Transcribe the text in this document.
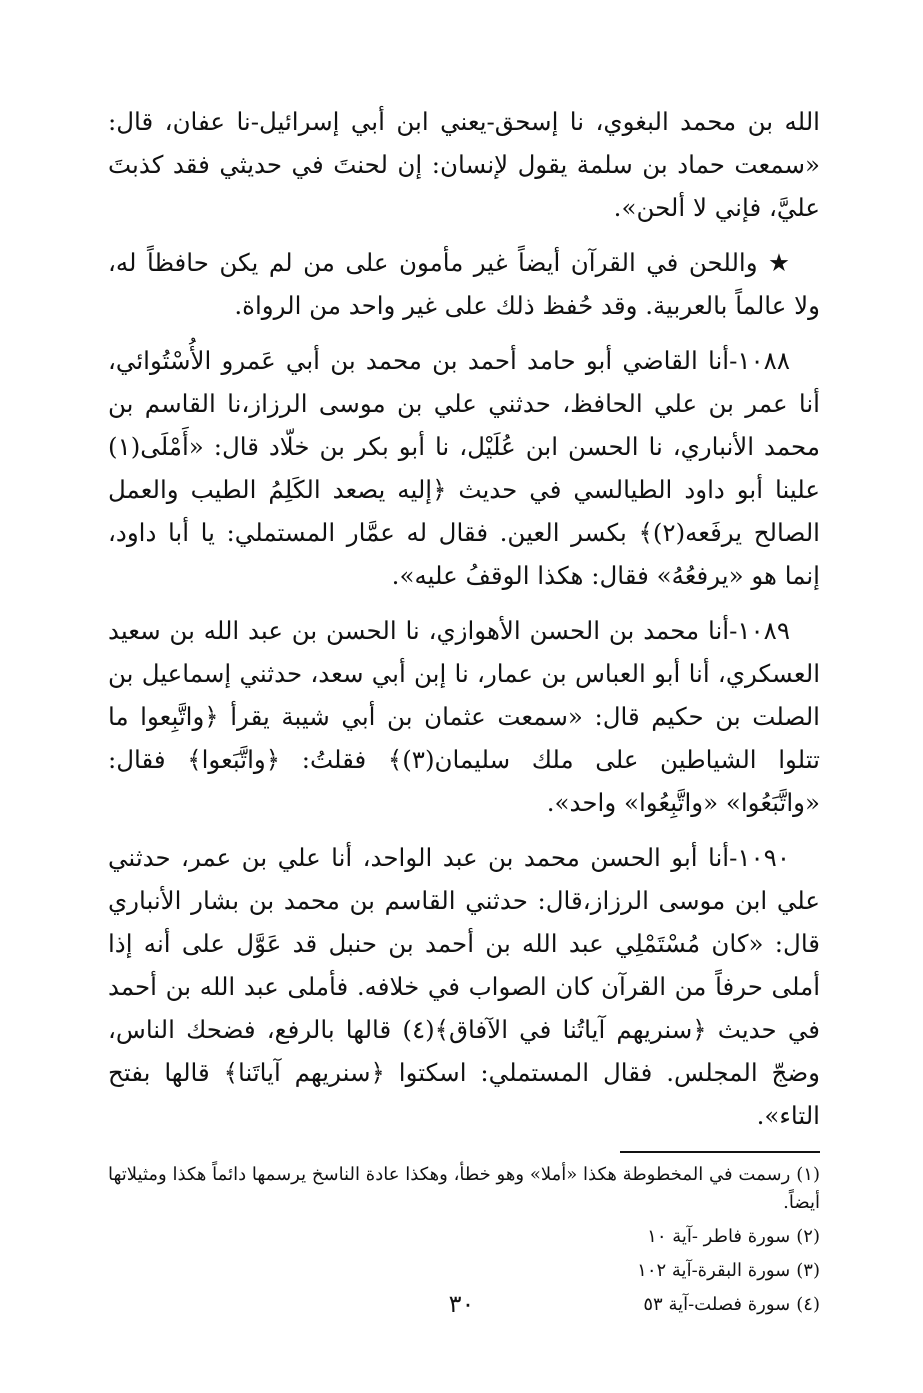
الله بن محمد البغوي، نا إسحق-يعني ابن أبي إسرائيل-نا عفان، قال: «سمعت حماد بن سلمة يقول لإنسان: إن لحنتَ في حديثي فقد كذبتَ عليَّ، فإني لا ألحن».

★ واللحن في القرآن أيضاً غير مأمون على من لم يكن حافظاً له، ولا عالماً بالعربية. وقد حُفظ ذلك على غير واحد من الرواة.

١٠٨٨-أنا القاضي أبو حامد أحمد بن محمد بن أبي عَمرو الأُسْتُوائي، أنا عمر بن علي الحافظ، حدثني علي بن موسى الرزاز،نا القاسم بن محمد الأنباري، نا الحسن ابن عُلَيْل، نا أبو بكر بن خلّاد قال: «أَمْلَى(١) علينا أبو داود الطيالسي في حديث ﴿إليه يصعد الكَلِمُ الطيب والعمل الصالح يرفَعه(٢)﴾ بكسر العين. فقال له عمَّار المستملي: يا أبا داود، إنما هو «يرفعُهُ» فقال: هكذا الوقفُ عليه».

١٠٨٩-أنا محمد بن الحسن الأهوازي، نا الحسن بن عبد الله بن سعيد العسكري، أنا أبو العباس بن عمار، نا إبن أبي سعد، حدثني إسماعيل بن الصلت بن حكيم قال: «سمعت عثمان بن أبي شيبة يقرأ ﴿واتَّبِعوا ما تتلوا الشياطين على ملك سليمان(٣)﴾ فقلتُ: ﴿واتَّبَعوا﴾ فقال: «واتَّبَعُوا» «واتَّبِعُوا» واحد».

١٠٩٠-أنا أبو الحسن محمد بن عبد الواحد، أنا علي بن عمر، حدثني علي ابن موسى الرزاز،قال: حدثني القاسم بن محمد بن بشار الأنباري قال: «كان مُسْتَمْلِي عبد الله بن أحمد بن حنبل قد عَوَّل على أنه إذا أملى حرفاً من القرآن كان الصواب في خلافه. فأملى عبد الله بن أحمد في حديث ﴿سنريهم آياتُنا في الآفاق﴾(٤) قالها بالرفع، فضحك الناس، وضجّ المجلس. فقال المستملي: اسكتوا ﴿سنريهم آياتَنا﴾ قالها بفتح التاء».

(١)رسمت في المخطوطة هكذا «أملا» وهو خطأ، وهكذا عادة الناسخ يرسمها دائماً هكذا ومثيلاتها أيضاً.

(٢)سورة فاطر -آية ١٠

(٣)سورة البقرة-آية ١٠٢

(٤)سورة فصلت-آية ٥٣

٣٠
